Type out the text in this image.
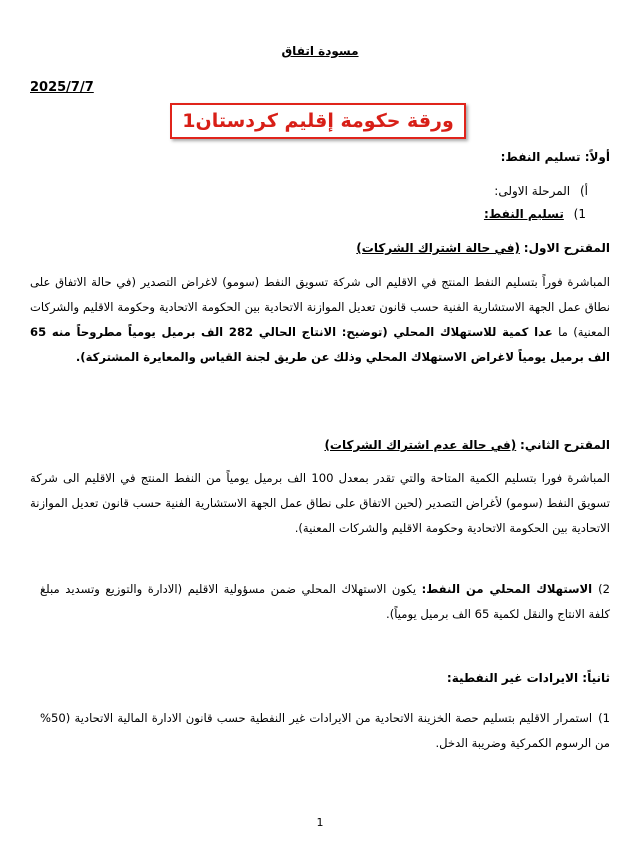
مسودة اتفاق
2025/7/7
ورقة حكومة إقليم كردستان1
أولاً: تسليم النفط:
أ) المرحلة الاولى:
1) تسليم النفط:
المقترح الاول: (في حالة اشتراك الشركات)
المباشرة فوراً بتسليم النفط المنتج في الاقليم الى شركة تسويق النفط (سومو) لاغراض التصدير (في حالة الاتفاق على نطاق عمل الجهة الاستشارية الفنية حسب قانون تعديل الموازنة الاتحادية بين الحكومة الاتحادية وحكومة الاقليم والشركات المعنية) ما عدا كمية للاستهلاك المحلي (توضيح: الانتاج الحالي 282 الف برميل يومياً مطروحاً منه 65 الف برميل يومياً لاغراض الاستهلاك المحلي وذلك عن طريق لجنة القياس والمعايرة المشتركة).
المقترح الثاني: (في حالة عدم اشتراك الشركات)
المباشرة فورا بتسليم الكمية المتاحة والتي تقدر بمعدل 100 الف برميل يومياً من النفط المنتج في الاقليم الى شركة تسويق النفط (سومو) لأغراض التصدير (لحين الاتفاق على نطاق عمل الجهة الاستشارية الفنية حسب قانون تعديل الموازنة الاتحادية بين الحكومة الاتحادية وحكومة الاقليم والشركات المعنية).
2)الاستهلاك المحلي من النفط: يكون الاستهلاك المحلي ضمن مسؤولية الاقليم (الادارة والتوزيع وتسديد مبلغ كلفة الانتاج والنقل لكمية 65 الف برميل يومياً).
ثانياً: الايرادات غير النفطية:
1)استمرار الاقليم بتسليم حصة الخزينة الاتحادية من الايرادات غير النفطية حسب قانون الادارة المالية الاتحادية (50% من الرسوم الكمركية وضريبة الدخل.
1
